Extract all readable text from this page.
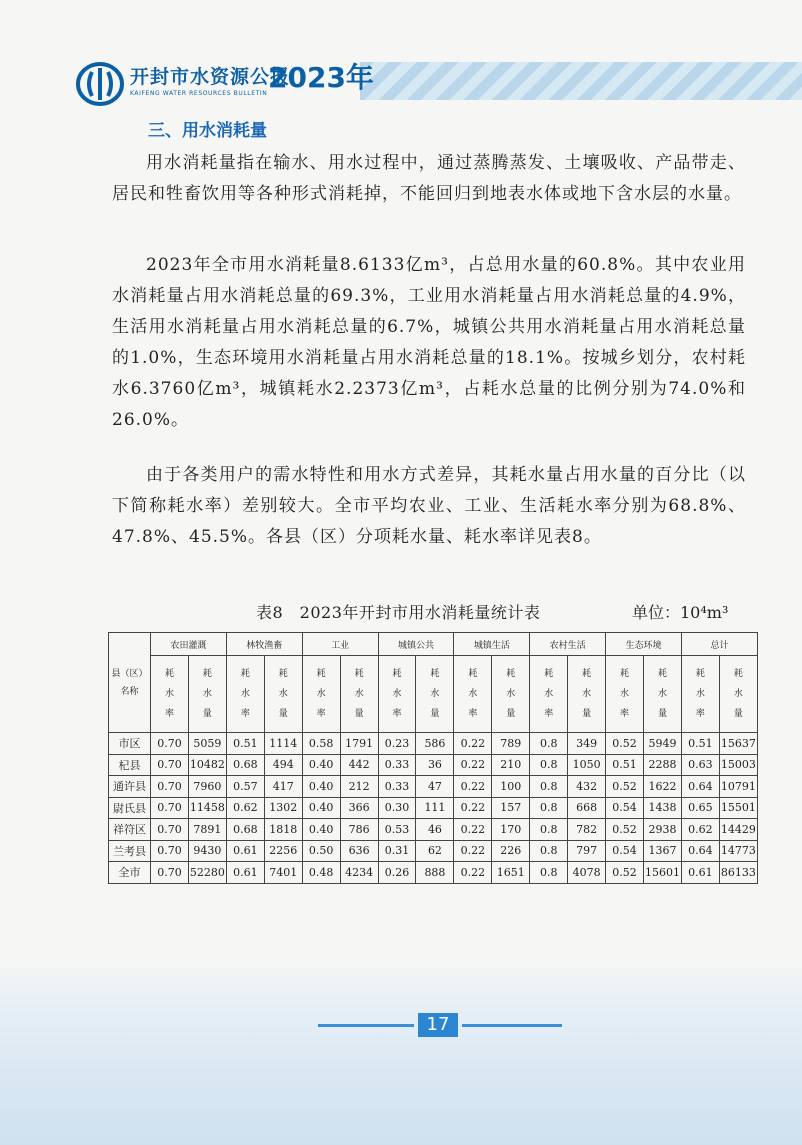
开封市水资源公报
KAIFENG WATER RESOURCES BULLETIN 2023年
三、用水消耗量

用水消耗量指在输水、用水过程中，通过蒸腾蒸发、土壤吸收、产品带走、居民和牲畜饮用等各种形式消耗掉，不能回归到地表水体或地下含水层的水量。

2023年全市用水消耗量8.6133亿m³，占总用水量的60.8%。其中农业用水消耗量占用水消耗总量的69.3%，工业用水消耗量占用水消耗总量的4.9%，生活用水消耗量占用水消耗总量的6.7%，城镇公共用水消耗量占用水消耗总量的1.0%，生态环境用水消耗量占用水消耗总量的18.1%。按城乡划分，农村耗水6.3760亿m³，城镇耗水2.2373亿m³，占耗水总量的比例分别为74.0%和26.0%。

由于各类用户的需水特性和用水方式差异，其耗水量占用水量的百分比（以下简称耗水率）差别较大。全市平均农业、工业、生活耗水率分别为68.8%、47.8%、45.5%。各县（区）分项耗水量、耗水率详见表8。

表8　2023年开封市用水消耗量统计表	单位：10⁴m³
县（区）名称	农田灌溉		林牧渔畜		工业		城镇公共		城镇生活		农村生活		生态环境		总计	

	耗水率	耗水量	耗水率	耗水量	耗水率	耗水量	耗水率	耗水量	耗水率	耗水量	耗水率	耗水量	耗水率	耗水量	耗水率	耗水量

市区	0.70	5059	0.51	1114	0.58	1791	0.23	586	0.22	789	0.8	349	0.52	5949	0.51	15637
杞县	0.70	10482	0.68	494	0.40	442	0.33	36	0.22	210	0.8	1050	0.51	2288	0.63	15003
通许县	0.70	7960	0.57	417	0.40	212	0.33	47	0.22	100	0.8	432	0.52	1622	0.64	10791
尉氏县	0.70	11458	0.62	1302	0.40	366	0.30	111	0.22	157	0.8	668	0.54	1438	0.65	15501
祥符区	0.70	7891	0.68	1818	0.40	786	0.53	46	0.22	170	0.8	782	0.52	2938	0.62	14429
兰考县	0.70	9430	0.61	2256	0.50	636	0.31	62	0.22	226	0.8	797	0.54	1367	0.64	14773
全市	0.70	52280	0.61	7401	0.48	4234	0.26	888	0.22	1651	0.8	4078	0.52	15601	0.61	86133
17
